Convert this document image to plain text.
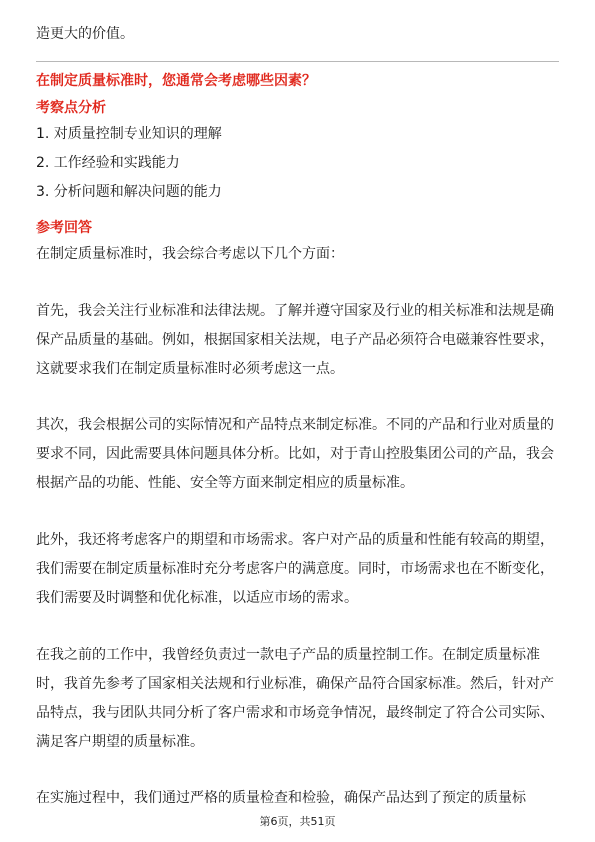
造更大的价值。

在制定质量标准时，您通常会考虑哪些因素？

考察点分析

1. 对质量控制专业知识的理解
2. 工作经验和实践能力
3. 分析问题和解决问题的能力

参考回答

在制定质量标准时，我会综合考虑以下几个方面：

首先，我会关注行业标准和法律法规。了解并遵守国家及行业的相关标准和法规是确保产品质量的基础。例如，根据国家相关法规，电子产品必须符合电磁兼容性要求，这就要求我们在制定质量标准时必须考虑这一点。

其次，我会根据公司的实际情况和产品特点来制定标准。不同的产品和行业对质量的要求不同，因此需要具体问题具体分析。比如，对于青山控股集团公司的产品，我会根据产品的功能、性能、安全等方面来制定相应的质量标准。

此外，我还将考虑客户的期望和市场需求。客户对产品的质量和性能有较高的期望，我们需要在制定质量标准时充分考虑客户的满意度。同时，市场需求也在不断变化，我们需要及时调整和优化标准，以适应市场的需求。

在我之前的工作中，我曾经负责过一款电子产品的质量控制工作。在制定质量标准时，我首先参考了国家相关法规和行业标准，确保产品符合国家标准。然后，针对产品特点，我与团队共同分析了客户需求和市场竞争情况，最终制定了符合公司实际、满足客户期望的质量标准。

在实施过程中，我们通过严格的质量检查和检验，确保产品达到了预定的质量标

第6页，共51页
